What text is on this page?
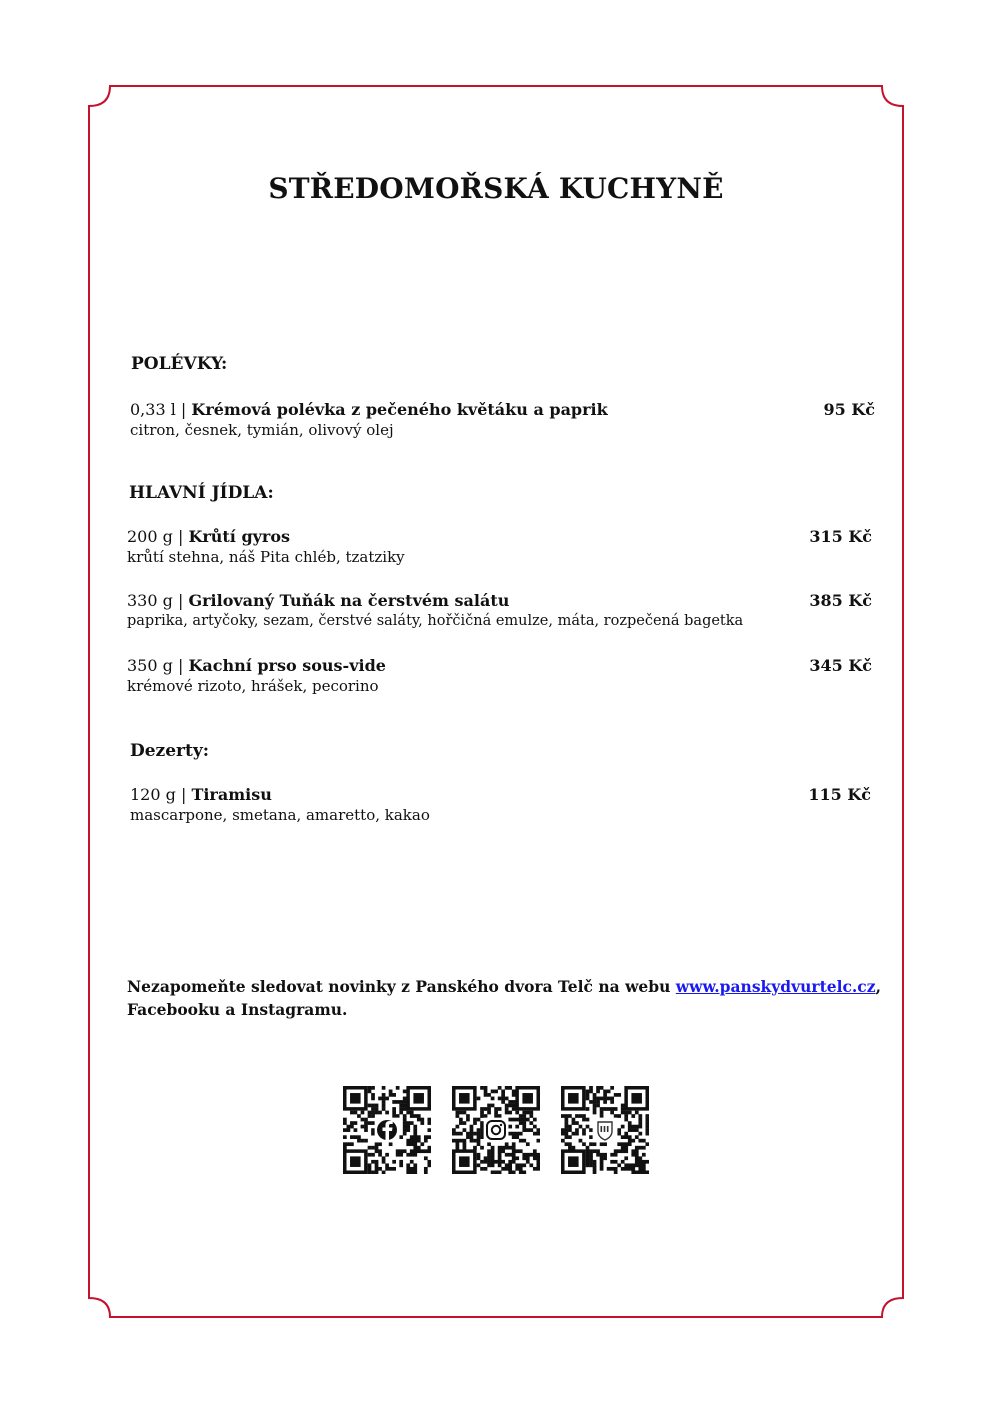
STŘEDOMOŘSKÁ KUCHYNĚ
POLÉVKY:
0,33 l | Krémová polévka z pečeného květáku a paprik
citron, česnek, tymián, olivový olej
95 Kč
HLAVNÍ JÍDLA:
200 g | Krůtí gyros
krůtí stehna, náš Pita chléb, tzatziky
315 Kč
330 g | Grilovaný Tuňák na čerstvém salátu
paprika, artyčoky, sezam, čerstvé saláty, hořčičná emulze, máta, rozpečená bagetka
385 Kč
350 g | Kachní prso sous-vide
krémové rizoto, hrášek, pecorino
345 Kč
Dezerty:
120 g | Tiramisu
mascarpone, smetana, amaretto, kakao
115 Kč
Nezapomeňte sledovat novinky z Panského dvora Telč na webu www.panskydvurtelc.cz, Facebooku a Instagramu.
